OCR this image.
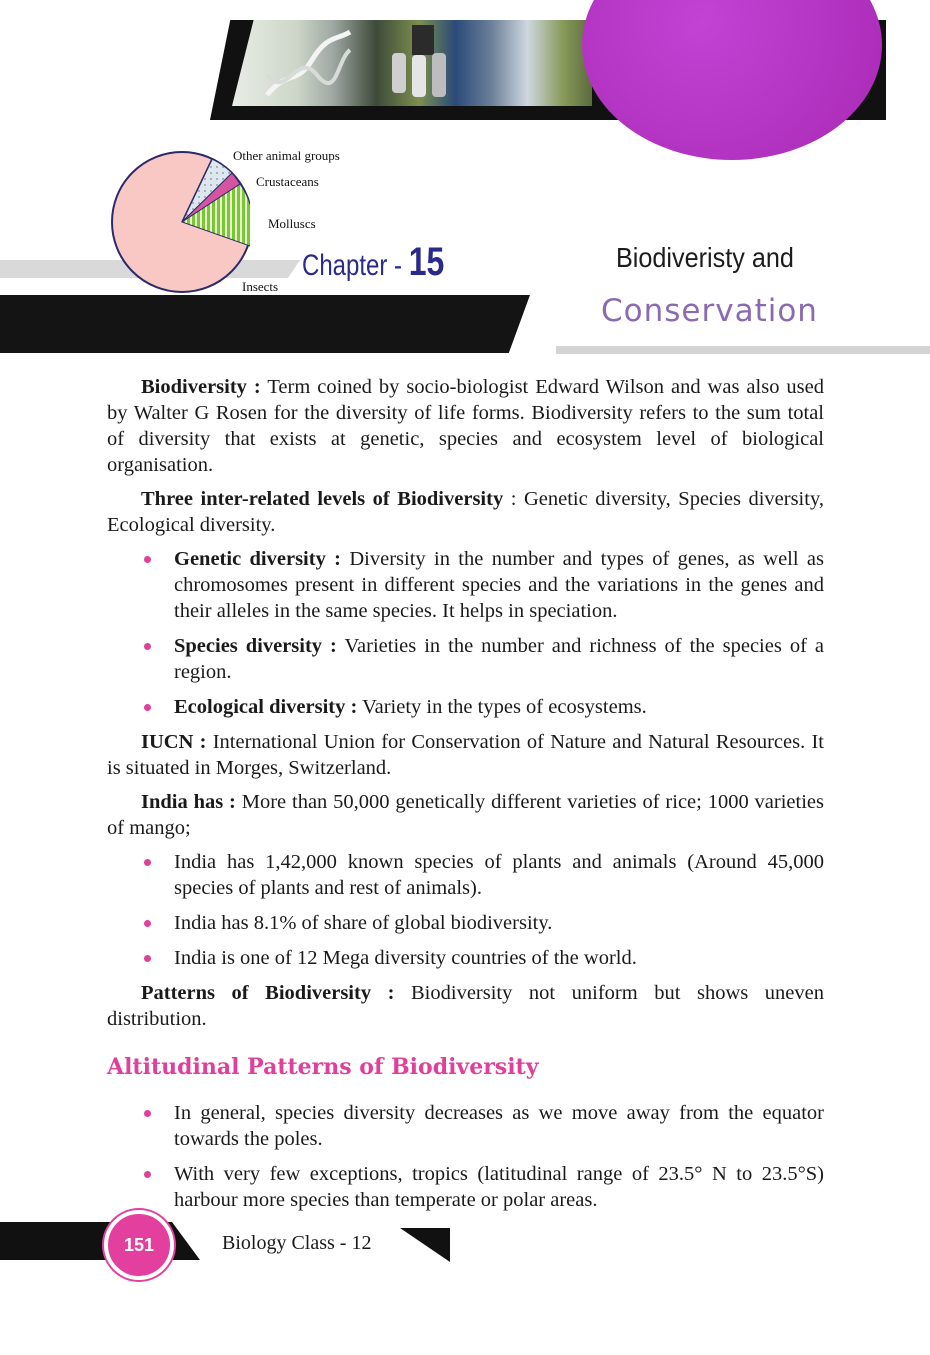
Other animal groups
Crustaceans
Molluscs
Insects
Chapter - 15	Biodiveristy and
Conservation

Biodiversity : Term coined by socio-biologist Edward Wilson and was also used by Walter G Rosen for the diversity of life forms. Biodiversity refers to the sum total of diversity that exists at genetic, species and ecosystem level of biological organisation.

Three inter-related levels of Biodiversity : Genetic diversity, Species diversity, Ecological diversity.

Genetic diversity : Diversity in the number and types of genes, as well as chromosomes present in different species and the variations in the genes and their alleles in the same species. It helps in speciation.
Species diversity : Varieties in the number and richness of the species of a region.
Ecological diversity : Variety in the types of ecosystems.

IUCN : International Union for Conservation of Nature and Natural Resources. It is situated in Morges, Switzerland.

India has : More than 50,000 genetically different varieties of rice; 1000 varieties of mango;

India has 1,42,000 known species of plants and animals (Around 45,000 species of plants and rest of animals).
India has 8.1% of share of global biodiversity.
India is one of 12 Mega diversity countries of the world.

Patterns of Biodiversity : Biodiversity not uniform but shows uneven distribution.

Altitudinal Patterns of Biodiversity
In general, species diversity decreases as we move away from the equator towards the poles.
With very few exceptions, tropics (latitudinal range of 23.5° N to 23.5°S) harbour more species than temperate or polar areas.
151	Biology Class - 12
